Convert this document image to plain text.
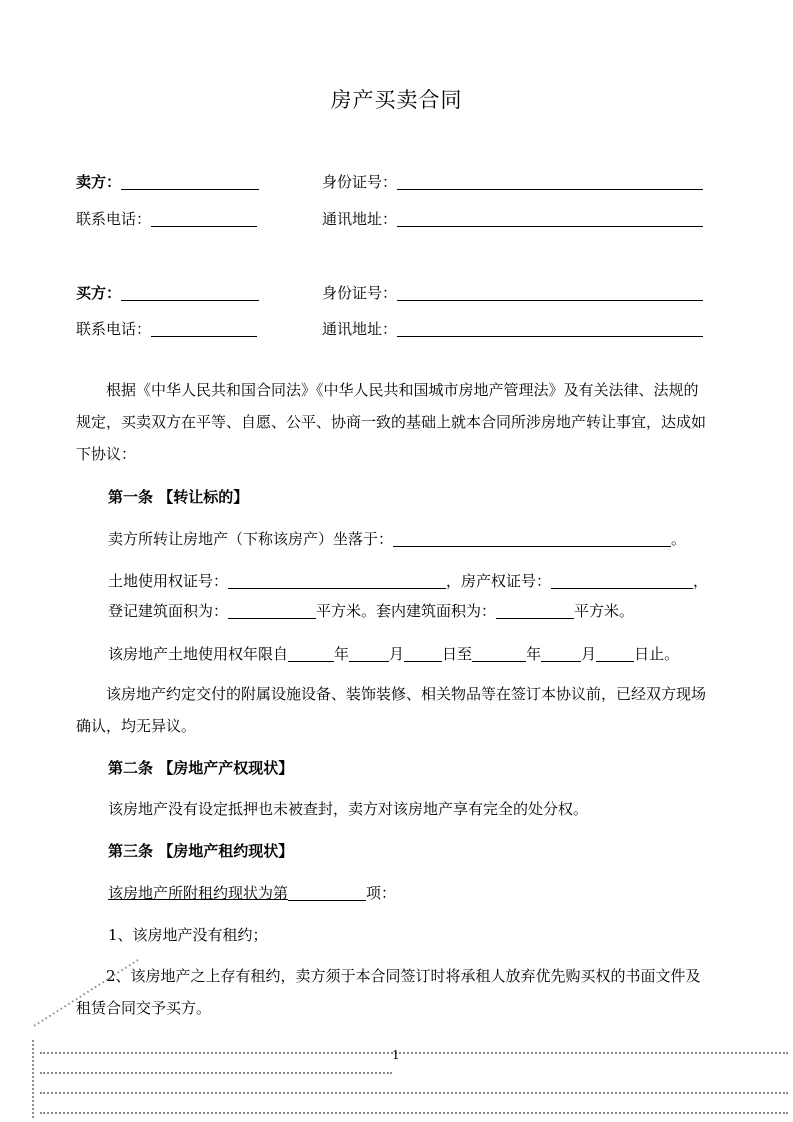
房产买卖合同
卖方：	身份证号：
联系电话：	通讯地址：
买方：	身份证号：
联系电话：	通讯地址：
根据《中华人民共和国合同法》《中华人民共和国城市房地产管理法》及有关法律、法规的规定，买卖双方在平等、自愿、公平、协商一致的基础上就本合同所涉房地产转让事宜，达成如下协议：
第一条 【转让标的】
卖方所转让房地产（下称该房产）坐落于：	。
土地使用权证号：	，房产权证号：	，
登记建筑面积为：	平方米。套内建筑面积为：	平方米。
该房地产土地使用权年限自	年	月	日至	年	月	日止。
该房地产约定交付的附属设施设备、装饰装修、相关物品等在签订本协议前，已经双方现场确认，均无异议。
第二条 【房地产产权现状】
该房地产没有设定抵押也未被查封，卖方对该房地产享有完全的处分权。
第三条 【房地产租约现状】
该房地产所附租约现状为第	项：
1、该房地产没有租约；
2、该房地产之上存有租约，卖方须于本合同签订时将承租人放弃优先购买权的书面文件及租赁合同交予买方。
1
